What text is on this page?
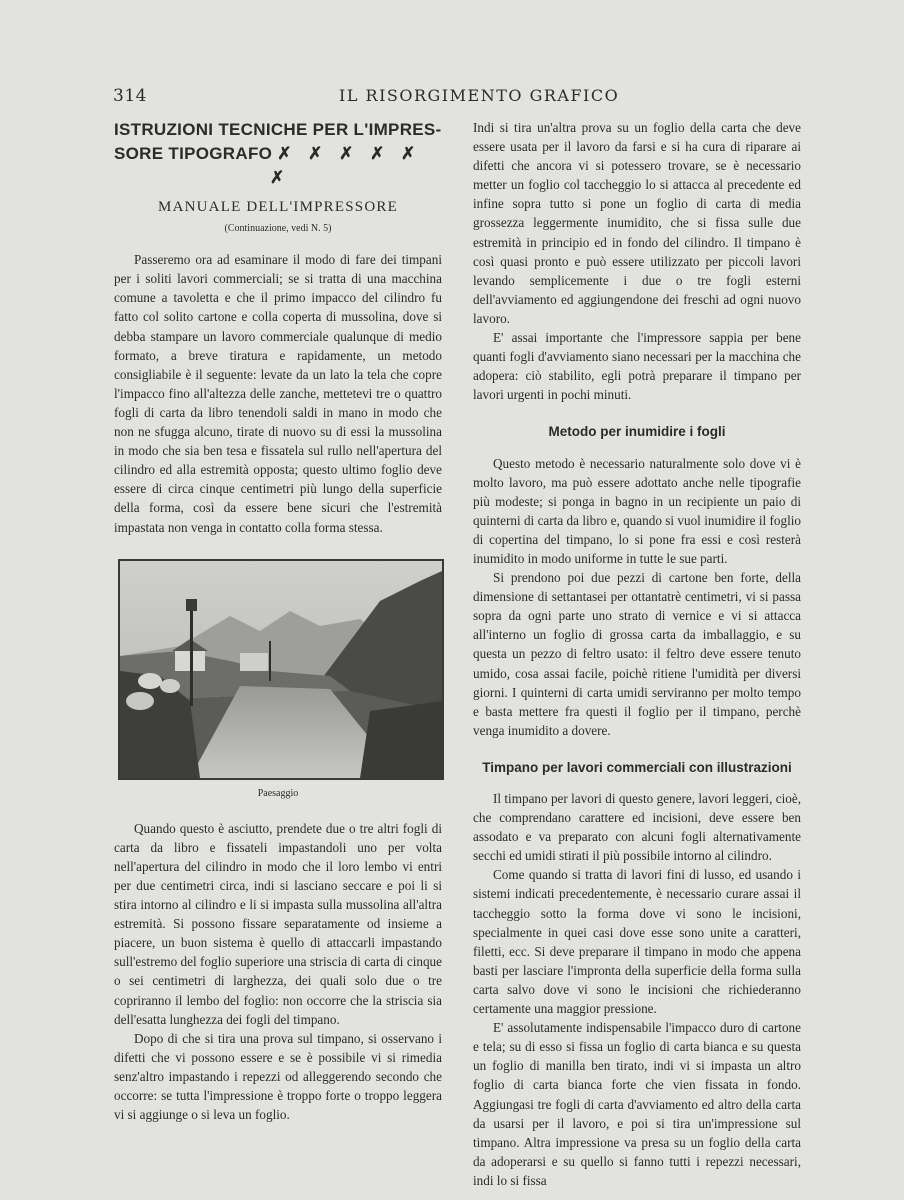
314	IL RISORGIMENTO GRAFICO
ISTRUZIONI TECNICHE PER L'IMPRES-
SORE TIPOGRAFO ✗ ✗ ✗ ✗ ✗
✗
MANUALE DELL'IMPRESSORE
(Continuazione, vedi N. 5)

Passeremo ora ad esaminare il modo di fare dei timpani per i soliti lavori commerciali; se si tratta di una macchina comune a tavoletta e che il primo impacco del cilindro fu fatto col solito cartone e colla coperta di mussolina, dove si debba stampare un lavoro commerciale qualunque di medio formato, a breve tiratura e rapidamente, un metodo consigliabile è il seguente: levate da un lato la tela che copre l'impacco fino all'altezza delle zanche, mettetevi tre o quattro fogli di carta da libro tenendoli saldi in mano in modo che non ne sfugga alcuno, tirate di nuovo su di essi la mussolina in modo che sia ben tesa e fissatela sul rullo nell'apertura del cilindro ed alla estremità opposta; questo ultimo foglio deve essere di circa cinque centimetri più lungo della superficie della forma, così da essere bene sicuri che l'estremità impastata non venga in contatto colla forma stessa.

Paesaggio

Quando questo è asciutto, prendete due o tre altri fogli di carta da libro e fissateli impastandoli uno per volta nell'apertura del cilindro in modo che il loro lembo vi entri per due centimetri circa, indi si lasciano seccare e poi li si stira intorno al cilindro e li si impasta sulla mussolina all'altra estremità. Si possono fissare separatamente od insieme a piacere, un buon sistema è quello di attaccarli impastando sull'estremo del foglio superiore una striscia di carta di cinque o sei centimetri di larghezza, dei quali solo due o tre copriranno il lembo del foglio: non occorre che la striscia sia dell'esatta lunghezza dei fogli del timpano.

Dopo di che si tira una prova sul timpano, si osservano i difetti che vi possono essere e se è possibile vi si rimedia senz'altro impastando i repezzi od alleggerendo secondo che occorre: se tutta l'impressione è troppo forte o troppo leggera vi si aggiunge o si leva un foglio.

Indi si tira un'altra prova su un foglio della carta che deve essere usata per il lavoro da farsi e si ha cura di riparare ai difetti che ancora vi si potessero trovare, se è necessario metter un foglio col taccheggio lo si attacca al precedente ed infine sopra tutto si pone un foglio di carta di media grossezza leggermente inumidito, che si fissa sulle due estremità in principio ed in fondo del cilindro. Il timpano è così quasi pronto e può essere utilizzato per piccoli lavori levando semplicemente i due o tre fogli esterni dell'avviamento ed aggiungendone dei freschi ad ogni nuovo lavoro.

E' assai importante che l'impressore sappia per bene quanti fogli d'avviamento siano necessari per la macchina che adopera: ciò stabilito, egli potrà preparare il timpano per lavori urgenti in pochi minuti.

Metodo per inumidire i fogli

Questo metodo è necessario naturalmente solo dove vi è molto lavoro, ma può essere adottato anche nelle tipografie più modeste; si ponga in bagno in un recipiente un paio di quinterni di carta da libro e, quando si vuol inumidire il foglio di copertina del timpano, lo si pone fra essi e così resterà inumidito in modo uniforme in tutte le sue parti.

Si prendono poi due pezzi di cartone ben forte, della dimensione di settantasei per ottantatrè centimetri, vi si passa sopra da ogni parte uno strato di vernice e vi si attacca all'interno un foglio di grossa carta da imballaggio, e su questa un pezzo di feltro usato: il feltro deve essere tenuto umido, cosa assai facile, poichè ritiene l'umidità per diversi giorni. I quinterni di carta umidi serviranno per molto tempo e basta mettere fra questi il foglio per il timpano, perchè venga inumidito a dovere.

Timpano per lavori commerciali con illustrazioni

Il timpano per lavori di questo genere, lavori leggeri, cioè, che comprendano carattere ed incisioni, deve essere ben assodato e va preparato con alcuni fogli alternativamente secchi ed umidi stirati il più possibile intorno al cilindro.

Come quando si tratta di lavori fini di lusso, ed usando i sistemi indicati precedentemente, è necessario curare assai il taccheggio sotto la forma dove vi sono le incisioni, specialmente in quei casi dove esse sono unite a caratteri, filetti, ecc. Si deve preparare il timpano in modo che appena basti per lasciare l'impronta della superficie della forma sulla carta salvo dove vi sono le incisioni che richiederanno certamente una maggior pressione.

E' assolutamente indispensabile l'impacco duro di cartone e tela; su di esso si fissa un foglio di carta bianca e su questa un foglio di manilla ben tirato, indi vi si impasta un altro foglio di carta bianca forte che vien fissata in fondo. Aggiungasi tre fogli di carta d'avviamento ed altro della carta da usarsi per il lavoro, e poi si tira un'impressione sul timpano. Altra impressione va presa su un foglio della carta da adoperarsi e su quello si fanno tutti i repezzi necessari, indi lo si fissa
